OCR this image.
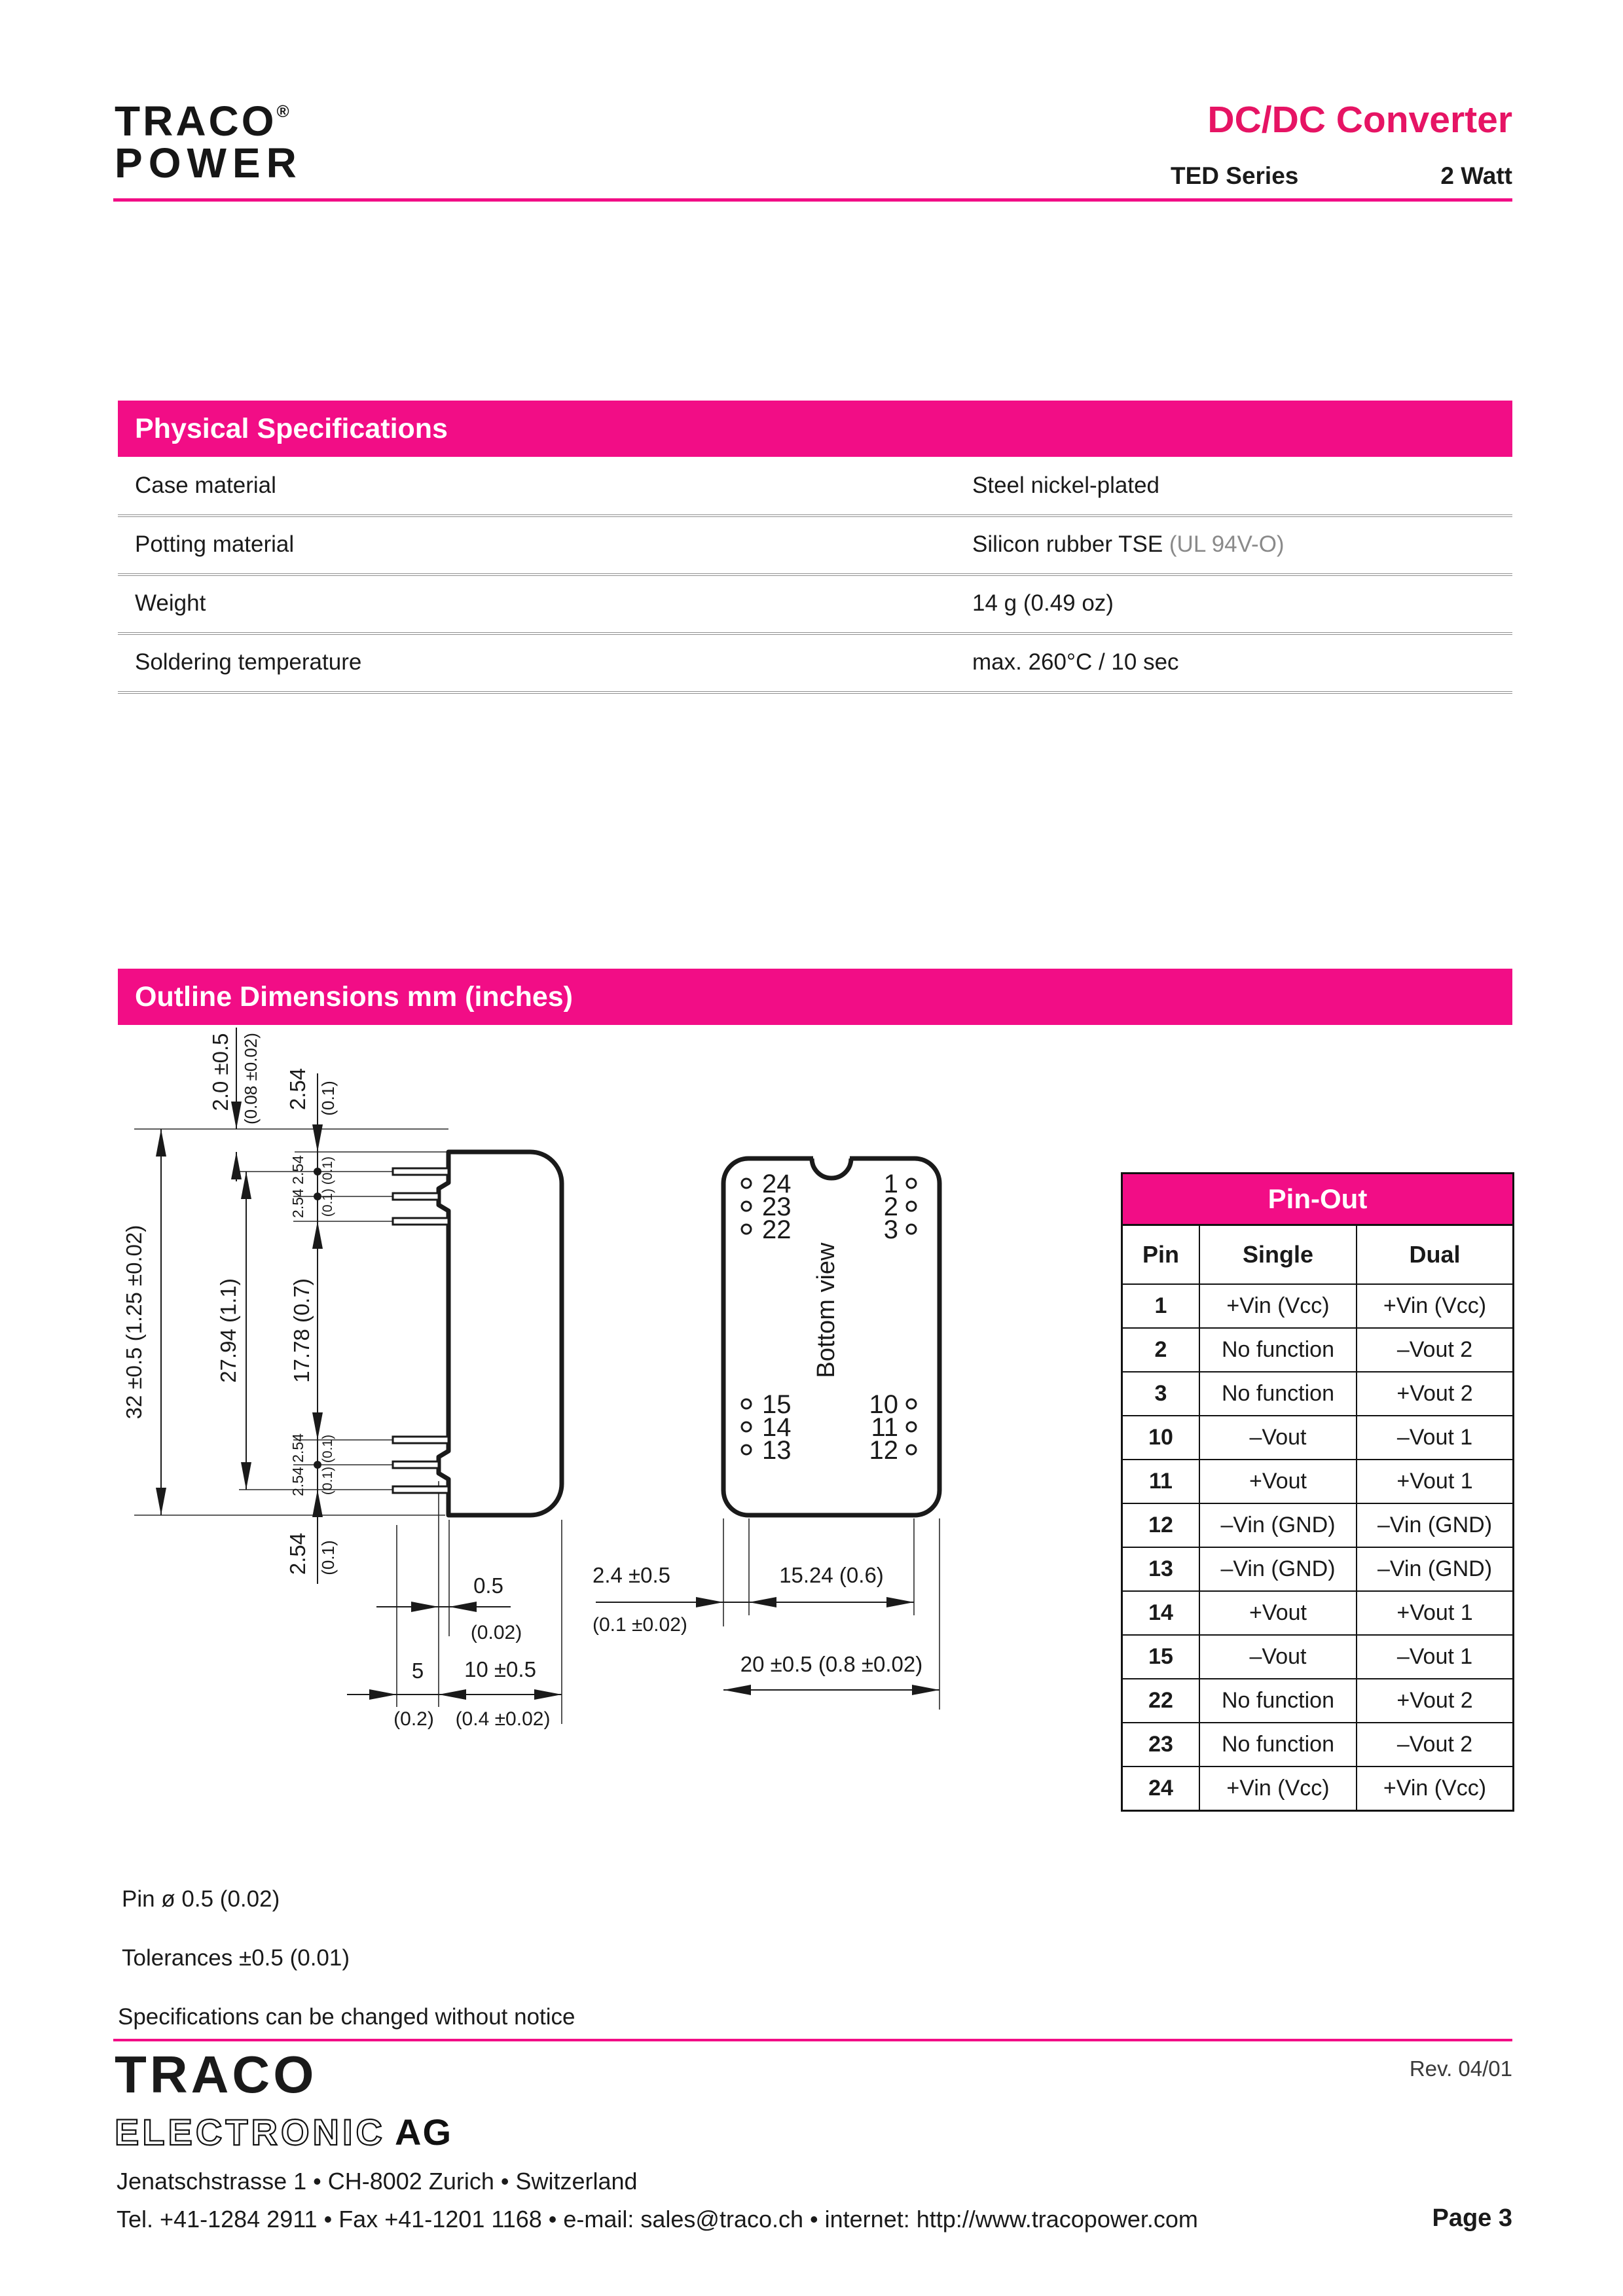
TRACO®
POWER
DC/DC Converter
TED Series	2 Watt
Physical Specifications
Case material	Steel nickel-plated
Potting material	Silicon rubber TSE (UL 94V-O)
Weight	14 g (0.49 oz)
Soldering temperature	max. 260°C / 10 sec
Outline Dimensions mm (inches)
32 ±0.5 (1.25 ±0.02)	27.94 (1.1) 17.78 (0.7)
2.0 ±0.5 (0.08 ±0.02) 2.54 (0.1)
2.54 2.54 (0.1) (0.1)
2.54 2.54 (0.1) (0.1)
2.54 (0.1)
0.5
(0.02)
5
(0.2)
10 ±0.5
(0.4 ±0.02)
24
23
22
1
2
3
15
14
13
10
11
12
Bottom view
2.4 ±0.5
(0.1 ±0.02)
15.24 (0.6)
20 ±0.5 (0.8 ±0.02)
Pin-Out
Pin	Single	Dual
1	+Vin (Vcc)	+Vin (Vcc)
2	No function	–Vout 2
3	No function	+Vout 2
10	–Vout	–Vout 1
11	+Vout	+Vout 1
12	–Vin (GND)	–Vin (GND)
13	–Vin (GND)	–Vin (GND)
14	+Vout	+Vout 1
15	–Vout	–Vout 1
22	No function	+Vout 2
23	No function	–Vout 2
24	+Vin (Vcc)	+Vin (Vcc)
Pin ø 0.5 (0.02)
Tolerances ±0.5 (0.01)
Specifications can be changed without notice
Rev. 04/01
TRACO
ELECTRONIC AG
Jenatschstrasse 1 • CH-8002 Zurich • Switzerland
Tel. +41-1284 2911 • Fax +41-1201 1168 • e-mail: sales@traco.ch • internet: http://www.tracopower.com	Page 3
